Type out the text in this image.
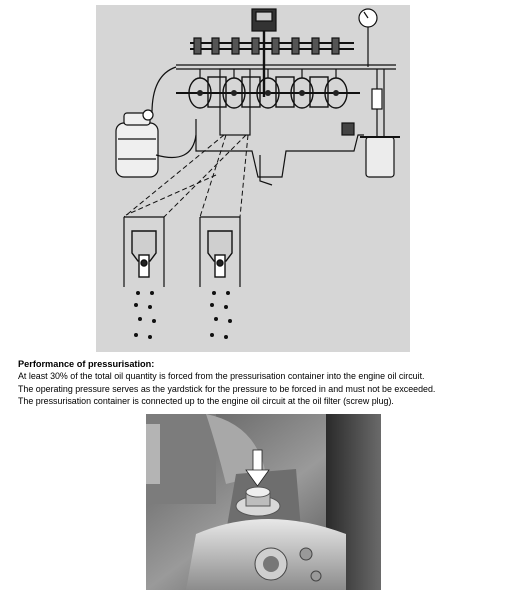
Performance of pressurisation:
At least 30% of the total oil quantity is forced from the pressurisation container into the engine oil circuit.
The operating pressure serves as the yardstick for the pressure to be forced in and must not be exceeded.
The pressurisation container is connected up to the engine oil circuit at the oil filter (screw plug).
